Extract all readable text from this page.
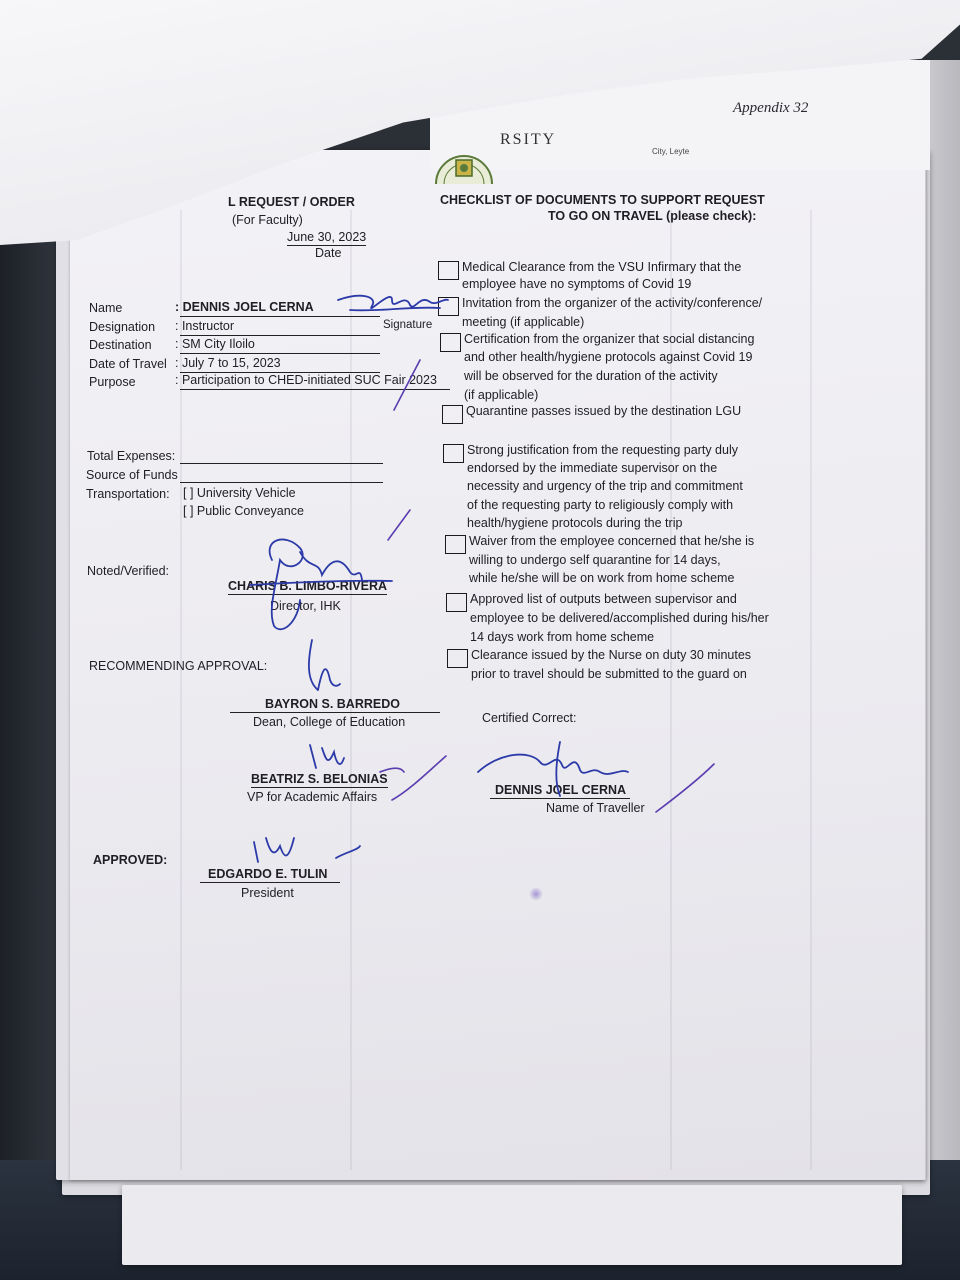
Appendix 32
RSITY
City, Leyte
L REQUEST / ORDER
(For Faculty)
June 30, 2023
Date
Name	: DENNIS JOEL CERNA
Signature
Designation : Instructor
Destination : SM City Iloilo
Date of Travel : July 7 to 15, 2023
Purpose	: Participation to CHED-initiated SUC Fair 2023
Total Expenses:
Source of Funds
Transportation: [ ] University Vehicle
[ ] Public Conveyance
Noted/Verified:
CHARIS B. LIMBO-RIVERA
Director, IHK
RECOMMENDING APPROVAL:
BAYRON S. BARREDO
Dean, College of Education
BEATRIZ S. BELONIAS
VP for Academic Affairs
APPROVED:
EDGARDO E. TULIN
President
CHECKLIST OF DOCUMENTS TO SUPPORT REQUEST
TO GO ON TRAVEL (please check):
Medical Clearance from the VSU Infirmary that the
employee have no symptoms of Covid 19
Invitation from the organizer of the activity/conference/
meeting (if applicable)
Certification from the organizer that social distancing
and other health/hygiene protocols against Covid 19
will be observed for the duration of the activity
(if applicable)
Quarantine passes issued by the destination LGU
Strong justification from the requesting party duly
endorsed by the immediate supervisor on the
necessity and urgency of the trip and commitment
of the requesting party to religiously comply with
health/hygiene protocols during the trip
Waiver from the employee concerned that he/she is
willing to undergo self quarantine for 14 days,
while he/she will be on work from home scheme
Approved list of outputs between supervisor and
employee to be delivered/accomplished during his/her
14 days work from home scheme
Clearance issued by the Nurse on duty 30 minutes
prior to travel should be submitted to the guard on
Certified Correct:
DENNIS JOEL CERNA
Name of Traveller
